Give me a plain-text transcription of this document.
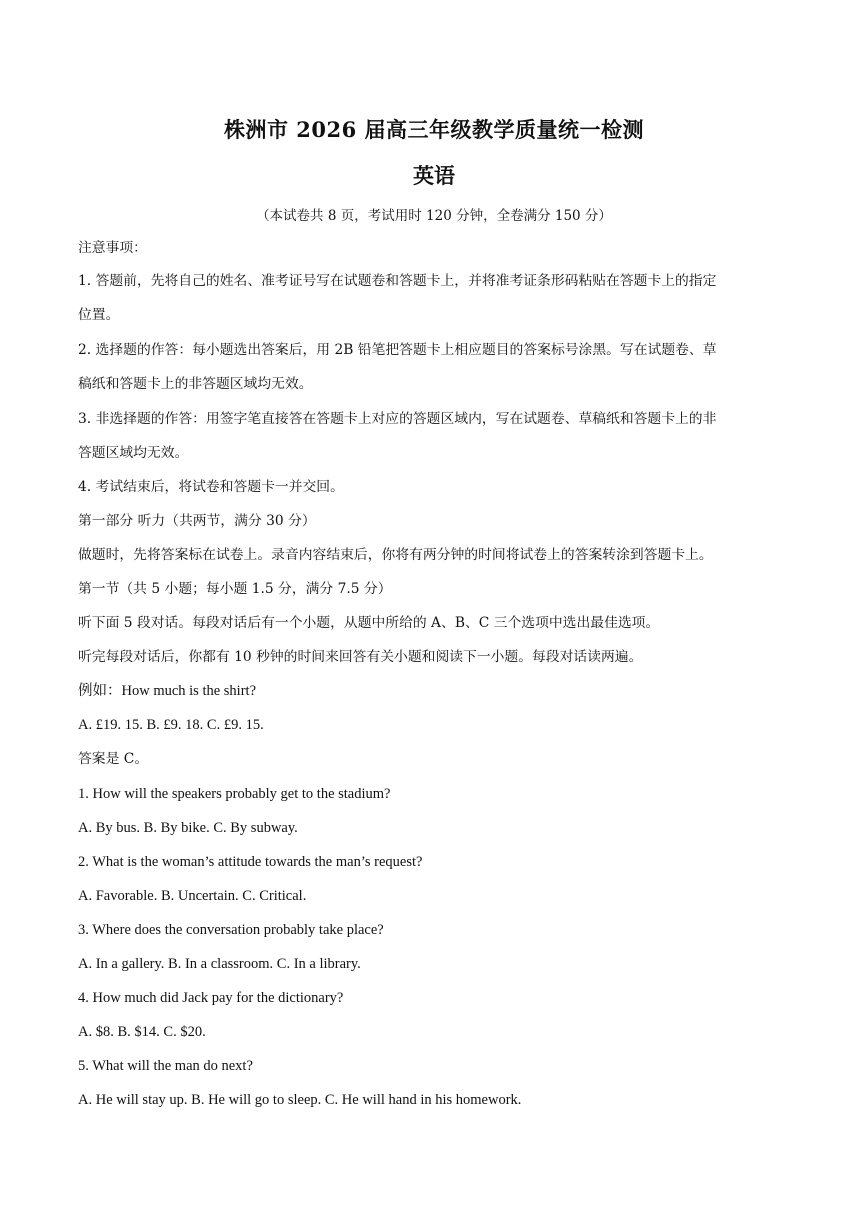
株洲市 2026 届高三年级教学质量统一检测
英语
（本试卷共 8 页，考试用时 120 分钟，全卷满分 150 分）
注意事项：
1. 答题前，先将自己的姓名、准考证号写在试题卷和答题卡上，并将准考证条形码粘贴在答题卡上的指定
位置。
2. 选择题的作答：每小题选出答案后，用 2B 铅笔把答题卡上相应题目的答案标号涂黑。写在试题卷、草
稿纸和答题卡上的非答题区域均无效。
3. 非选择题的作答：用签字笔直接答在答题卡上对应的答题区域内，写在试题卷、草稿纸和答题卡上的非
答题区域均无效。
4. 考试结束后，将试卷和答题卡一并交回。
第一部分 听力（共两节，满分 30 分）
做题时，先将答案标在试卷上。录音内容结束后，你将有两分钟的时间将试卷上的答案转涂到答题卡上。
第一节（共 5 小题；每小题 1.5 分，满分 7.5 分）
听下面 5 段对话。每段对话后有一个小题，从题中所给的 A、B、C 三个选项中选出最佳选项。
听完每段对话后，你都有 10 秒钟的时间来回答有关小题和阅读下一小题。每段对话读两遍。
例如：How much is the shirt?
A. £19. 15. B. £9. 18. C. £9. 15.
答案是 C。
1. How will the speakers probably get to the stadium?
A. By bus. B. By bike. C. By subway.
2. What is the woman’s attitude towards the man’s request?
A. Favorable. B. Uncertain. C. Critical.
3. Where does the conversation probably take place?
A. In a gallery. B. In a classroom. C. In a library.
4. How much did Jack pay for the dictionary?
A. $8. B. $14. C. $20.
5. What will the man do next?
A. He will stay up. B. He will go to sleep. C. He will hand in his homework.
